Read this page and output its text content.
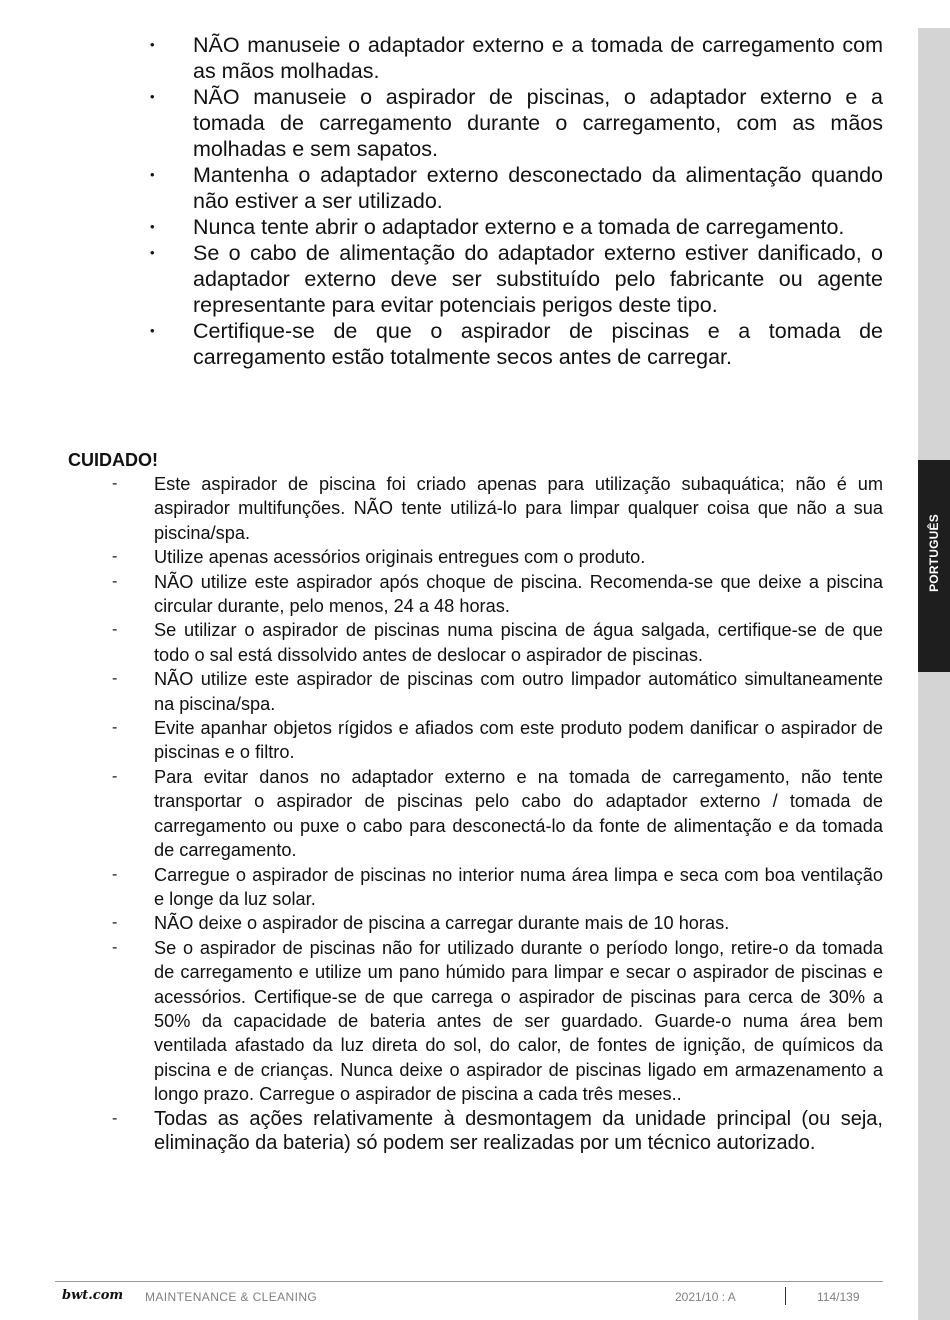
PORTUGUÊS
• NÃO manuseie o adaptador externo e a tomada de carregamento com as mãos molhadas.
• NÃO manuseie o aspirador de piscinas, o adaptador externo e a tomada de carregamento durante o carregamento, com as mãos molhadas e sem sapatos.
• Mantenha o adaptador externo desconectado da alimentação quando não estiver a ser utilizado.
• Nunca tente abrir o adaptador externo e a tomada de carregamento.
• Se o cabo de alimentação do adaptador externo estiver danificado, o adaptador externo deve ser substituído pelo fabricante ou agente representante para evitar potenciais perigos deste tipo.
• Certifique-se de que o aspirador de piscinas e a tomada de carregamento estão totalmente secos antes de carregar.
CUIDADO!
- Este aspirador de piscina foi criado apenas para utilização subaquática; não é um aspirador multifunções. NÃO tente utilizá-lo para limpar qualquer coisa que não a sua piscina/spa.
- Utilize apenas acessórios originais entregues com o produto.
- NÃO utilize este aspirador após choque de piscina. Recomenda-se que deixe a piscina circular durante, pelo menos, 24 a 48 horas.
- Se utilizar o aspirador de piscinas numa piscina de água salgada, certifique-se de que todo o sal está dissolvido antes de deslocar o aspirador de piscinas.
- NÃO utilize este aspirador de piscinas com outro limpador automático simultaneamente na piscina/spa.
- Evite apanhar objetos rígidos e afiados com este produto podem danificar o aspirador de piscinas e o filtro.
- Para evitar danos no adaptador externo e na tomada de carregamento, não tente transportar o aspirador de piscinas pelo cabo do adaptador externo / tomada de carregamento ou puxe o cabo para desconectá-lo da fonte de alimentação e da tomada de carregamento.
- Carregue o aspirador de piscinas no interior numa área limpa e seca com boa ventilação e longe da luz solar.
- NÃO deixe o aspirador de piscina a carregar durante mais de 10 horas.
- Se o aspirador de piscinas não for utilizado durante o período longo, retire-o da tomada de carregamento e utilize um pano húmido para limpar e secar o aspirador de piscinas e acessórios. Certifique-se de que carrega o aspirador de piscinas para cerca de 30% a 50% da capacidade de bateria antes de ser guardado. Guarde-o numa área bem ventilada afastado da luz direta do sol, do calor, de fontes de ignição, de químicos da piscina e de crianças. Nunca deixe o aspirador de piscinas ligado em armazenamento a longo prazo. Carregue o aspirador de piscina a cada três meses..
- Todas as ações relativamente à desmontagem da unidade principal (ou seja, eliminação da bateria) só podem ser realizadas por um técnico autorizado.
bwt.com MAINTENANCE & CLEANING	2021/10 : A	114/139
